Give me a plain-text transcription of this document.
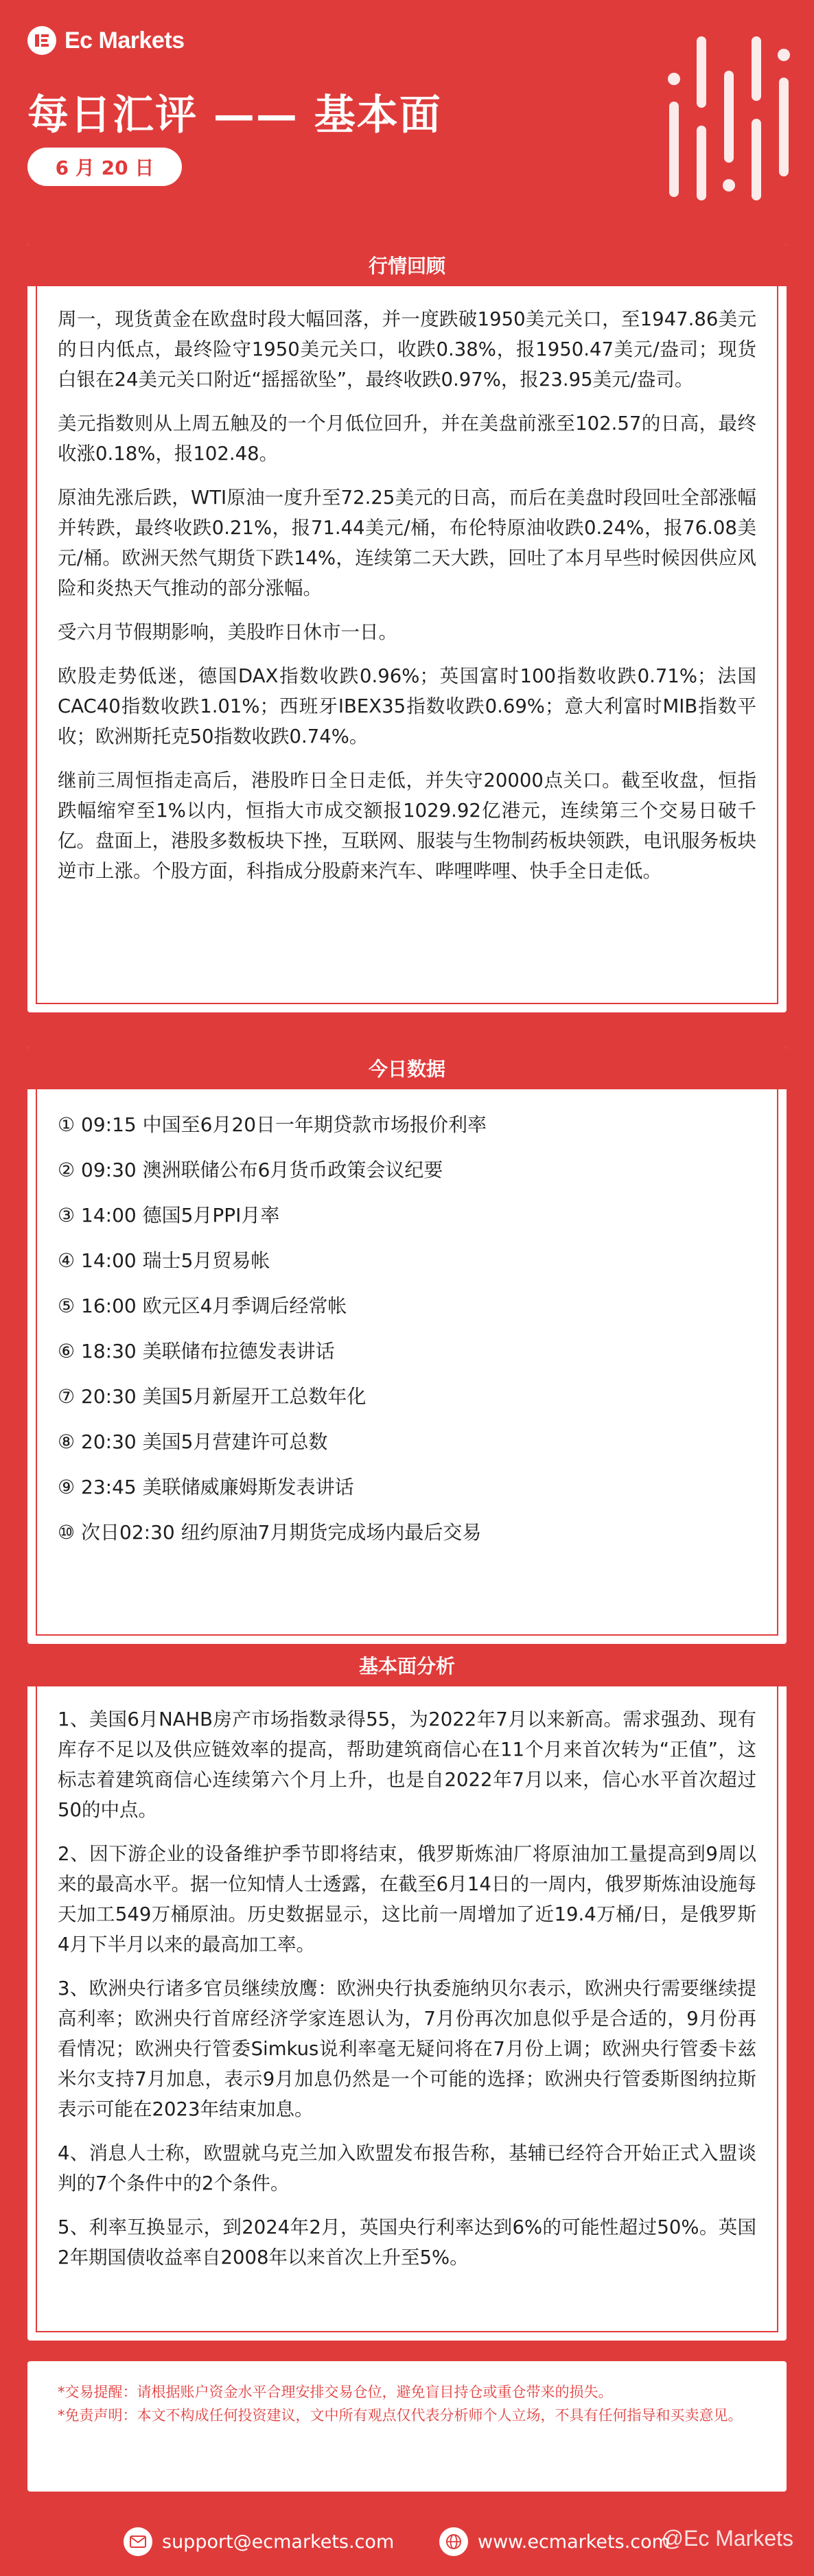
Ec Markets
每日汇评 —— 基本面
6 月 20 日
行情回顾

周一，现货黄金在欧盘时段大幅回落，并一度跌破1950美元关口，至1947.86美元的日内低点，最终险守1950美元关口，收跌0.38%，报1950.47美元/盎司；现货白银在24美元关口附近“摇摇欲坠”，最终收跌0.97%，报23.95美元/盎司。

美元指数则从上周五触及的一个月低位回升，并在美盘前涨至102.57的日高，最终收涨0.18%，报102.48。

原油先涨后跌，WTI原油一度升至72.25美元的日高，而后在美盘时段回吐全部涨幅并转跌，最终收跌0.21%，报71.44美元/桶，布伦特原油收跌0.24%，报76.08美元/桶。欧洲天然气期货下跌14%，连续第二天大跌，回吐了本月早些时候因供应风险和炎热天气推动的部分涨幅。

受六月节假期影响，美股昨日休市一日。

欧股走势低迷，德国DAX指数收跌0.96%；英国富时100指数收跌0.71%；法国CAC40指数收跌1.01%；西班牙IBEX35指数收跌0.69%；意大利富时MIB指数平收；欧洲斯托克50指数收跌0.74%。

继前三周恒指走高后，港股昨日全日走低，并失守20000点关口。截至收盘，恒指跌幅缩窄至1%以内，恒指大市成交额报1029.92亿港元，连续第三个交易日破千亿。盘面上，港股多数板块下挫，互联网、服装与生物制药板块领跌，电讯服务板块逆市上涨。个股方面，科指成分股蔚来汽车、哔哩哔哩、快手全日走低。

今日数据
① 09:15 中国至6月20日一年期贷款市场报价利率
② 09:30 澳洲联储公布6月货币政策会议纪要
③ 14:00 德国5月PPI月率
④ 14:00 瑞士5月贸易帐
⑤ 16:00 欧元区4月季调后经常帐
⑥ 18:30 美联储布拉德发表讲话
⑦ 20:30 美国5月新屋开工总数年化
⑧ 20:30 美国5月营建许可总数
⑨ 23:45 美联储威廉姆斯发表讲话
⑩ 次日02:30 纽约原油7月期货完成场内最后交易
基本面分析

1、美国6月NAHB房产市场指数录得55，为2022年7月以来新高。需求强劲、现有库存不足以及供应链效率的提高，帮助建筑商信心在11个月来首次转为“正值”，这标志着建筑商信心连续第六个月上升，也是自2022年7月以来，信心水平首次超过50的中点。

2、因下游企业的设备维护季节即将结束，俄罗斯炼油厂将原油加工量提高到9周以来的最高水平。据一位知情人士透露，在截至6月14日的一周内，俄罗斯炼油设施每天加工549万桶原油。历史数据显示，这比前一周增加了近19.4万桶/日，是俄罗斯4月下半月以来的最高加工率。

3、欧洲央行诸多官员继续放鹰：欧洲央行执委施纳贝尔表示，欧洲央行需要继续提高利率；欧洲央行首席经济学家连恩认为，7月份再次加息似乎是合适的，9月份再看情况；欧洲央行管委Simkus说利率毫无疑问将在7月份上调；欧洲央行管委卡兹米尔支持7月加息，表示9月加息仍然是一个可能的选择；欧洲央行管委斯图纳拉斯表示可能在2023年结束加息。

4、消息人士称，欧盟就乌克兰加入欧盟发布报告称，基辅已经符合开始正式入盟谈判的7个条件中的2个条件。

5、利率互换显示，到2024年2月，英国央行利率达到6%的可能性超过50%。英国2年期国债收益率自2008年以来首次上升至5%。

*交易提醒：请根据账户资金水平合理安排交易仓位，避免盲目持仓或重仓带来的损失。

*免责声明：本文不构成任何投资建议，文中所有观点仅代表分析师个人立场，不具有任何指导和买卖意见。

support@ecmarkets.com	www.ecmarkets.com
@Ec Markets
